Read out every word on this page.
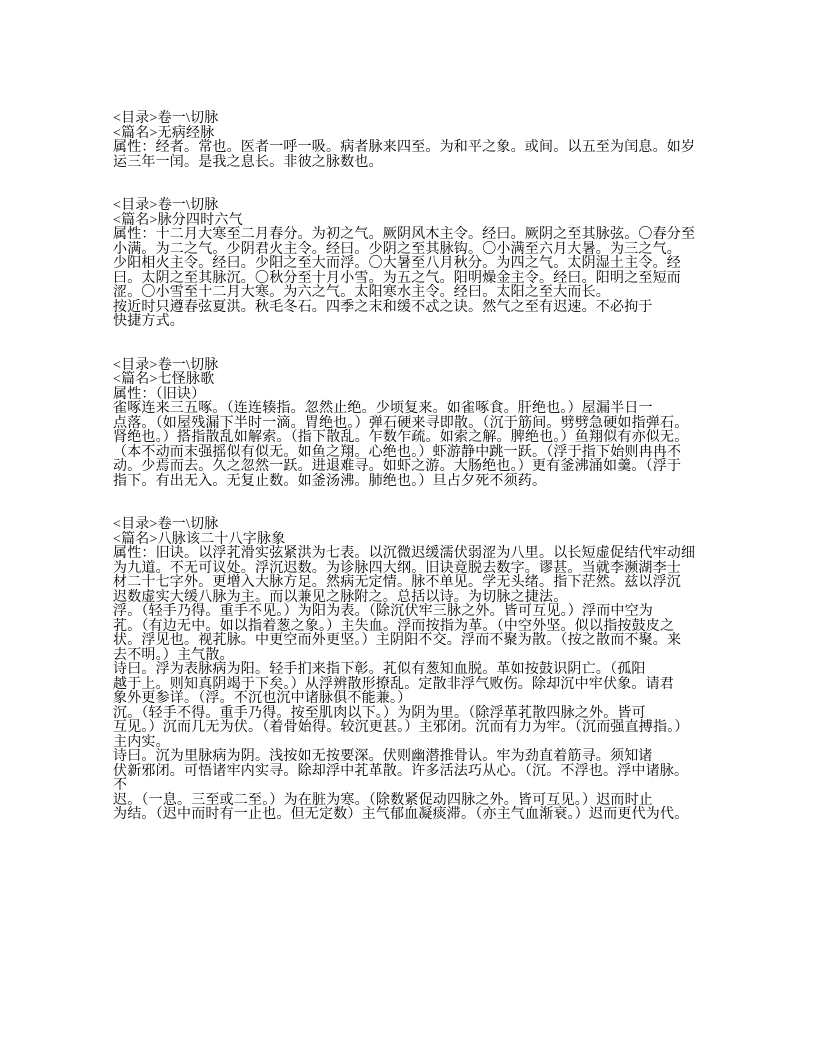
<目录>卷一\切脉
<篇名>无病经脉
属性：经者。常也。医者一呼一吸。病者脉来四至。为和平之象。或间。以五至为闰息。如岁
运三年一闰。是我之息长。非彼之脉数也。
<目录>卷一\切脉
<篇名>脉分四时六气
属性：十二月大寒至二月春分。为初之气。厥阴风木主令。经曰。厥阴之至其脉弦。〇春分至
小满。为二之气。少阴君火主令。经曰。少阴之至其脉钩。〇小满至六月大暑。为三之气。
少阳相火主令。经曰。少阳之至大而浮。〇大暑至八月秋分。为四之气。太阴湿土主令。经
曰。太阴之至其脉沉。〇秋分至十月小雪。为五之气。阳明燥金主令。经曰。阳明之至短而
涩。〇小雪至十二月大寒。为六之气。太阳寒水主令。经曰。太阳之至大而长。
按近时只遵春弦夏洪。秋毛冬石。四季之末和缓不忒之诀。然气之至有迟速。不必拘于
快捷方式。
<目录>卷一\切脉
<篇名>七怪脉歌
属性：（旧诀）
雀啄连来三五啄。（连连辏指。忽然止绝。少顷复来。如雀啄食。肝绝也。）屋漏半日一
点落。（如屋残漏下半时一滴。胃绝也。）弹石硬来寻即散。（沉于筋间。劈劈急硬如指弹石。
肾绝也。）搭指散乱如解索。（指下散乱。乍数乍疏。如索之解。脾绝也。）鱼翔似有亦似无。
（本不动而末强摇似有似无。如鱼之翔。心绝也。）虾游静中跳一跃。（浮于指下始则冉冉不
动。少焉而去。久之忽然一跃。进退难寻。如虾之游。大肠绝也。）更有釜沸涌如羹。（浮于
指下。有出无入。无复止数。如釜汤沸。肺绝也。）旦占夕死不须药。
<目录>卷一\切脉
<篇名>八脉该二十八字脉象
属性：旧诀。以浮芤滑实弦紧洪为七表。以沉微迟缓濡伏弱涩为八里。以长短虚促结代牢动细
为九道。不无可议处。浮沉迟数。为诊脉四大纲。旧诀竟脱去数字。谬甚。当就李濒湖李士
材二十七字外。更增入大脉方足。然病无定情。脉不单见。学无头绪。指下茫然。兹以浮沉
迟数虚实大缓八脉为主。而以兼见之脉附之。总括以诗。为切脉之捷法。
浮。（轻手乃得。重手不见。）为阳为表。（除沉伏牢三脉之外。皆可互见。）浮而中空为
芤。（有边无中。如以指着葱之象。）主失血。浮而按指为革。（中空外坚。似以指按鼓皮之
状。浮见也。视芤脉。中更空而外更坚。）主阴阳不交。浮而不聚为散。（按之散而不聚。来
去不明。）主气散。
诗曰。浮为表脉病为阳。轻手扪来指下彰。芤似有葱知血脱。革如按鼓识阴亡。（孤阳
越于上。则知真阴竭于下矣。）从浮辨散形撩乱。定散非浮气败伤。除却沉中牢伏象。请君
象外更参详。（浮。不沉也沉中诸脉俱不能兼。）
沉。（轻手不得。重手乃得。按至肌肉以下。）为阴为里。（除浮革芤散四脉之外。皆可
互见。）沉而几无为伏。（着骨始得。较沉更甚。）主邪闭。沉而有力为牢。（沉而强直搏指。）
主内实。
诗曰。沉为里脉病为阴。浅按如无按要深。伏则幽潜推骨认。牢为劲直着筋寻。须知诸
伏新邪闭。可悟诸牢内实寻。除却浮中芤革散。许多活法巧从心。（沉。不浮也。浮中诸脉。
不
迟。（一息。三至或二至。）为在脏为寒。（除数紧促动四脉之外。皆可互见。）迟而时止
为结。（迟中而时有一止也。但无定数）主气郁血凝痰滞。（亦主气血渐衰。）迟而更代为代。
